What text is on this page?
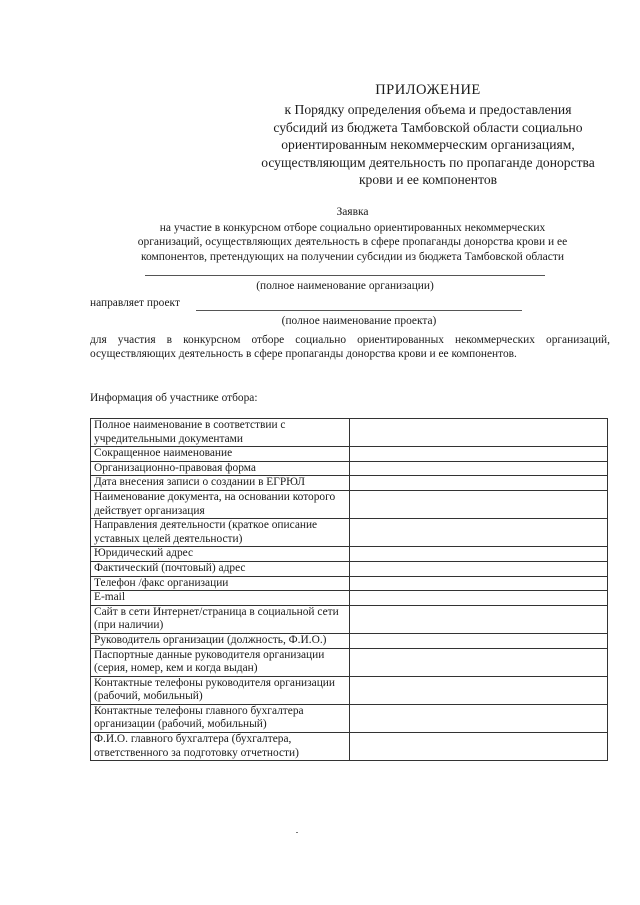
ПРИЛОЖЕНИЕ
к Порядку определения объема и предоставления
субсидий из бюджета Тамбовской области социально
ориентированным некоммерческим организациям,
осуществляющим деятельность по пропаганде донорства
крови и ее компонентов
Заявка
на участие в конкурсном отборе социально ориентированных некоммерческих
организаций, осуществляющих деятельность в сфере пропаганды донорства крови и ее
компонентов, претендующих на получении субсидии из бюджета Тамбовской области
(полное наименование организации)
направляет проект
(полное наименование проекта)
для участия в конкурсном отборе социально ориентированных некоммерческих организаций, осуществляющих деятельность в сфере пропаганды донорства крови и ее компонентов.
Информация об участнике отбора:
Полное наименование в соответствии с учредительными документами	
Сокращенное наименование	
Организационно-правовая форма	
Дата внесения записи о создании в ЕГРЮЛ	
Наименование документа, на основании которого действует организация	
Направления деятельности (краткое описание уставных целей деятельности)	
Юридический адрес	
Фактический (почтовый) адрес	
Телефон /факс организации	
E-mail	
Сайт в сети Интернет/страница в социальной сети (при наличии)	
Руководитель организации (должность, Ф.И.О.)	
Паспортные данные руководителя организации (серия, номер, кем и когда выдан)	
Контактные телефоны руководителя организации (рабочий, мобильный)	
Контактные телефоны главного бухгалтера организации (рабочий, мобильный)	
Ф.И.О. главного бухгалтера (бухгалтера, ответственного за подготовку отчетности)	
